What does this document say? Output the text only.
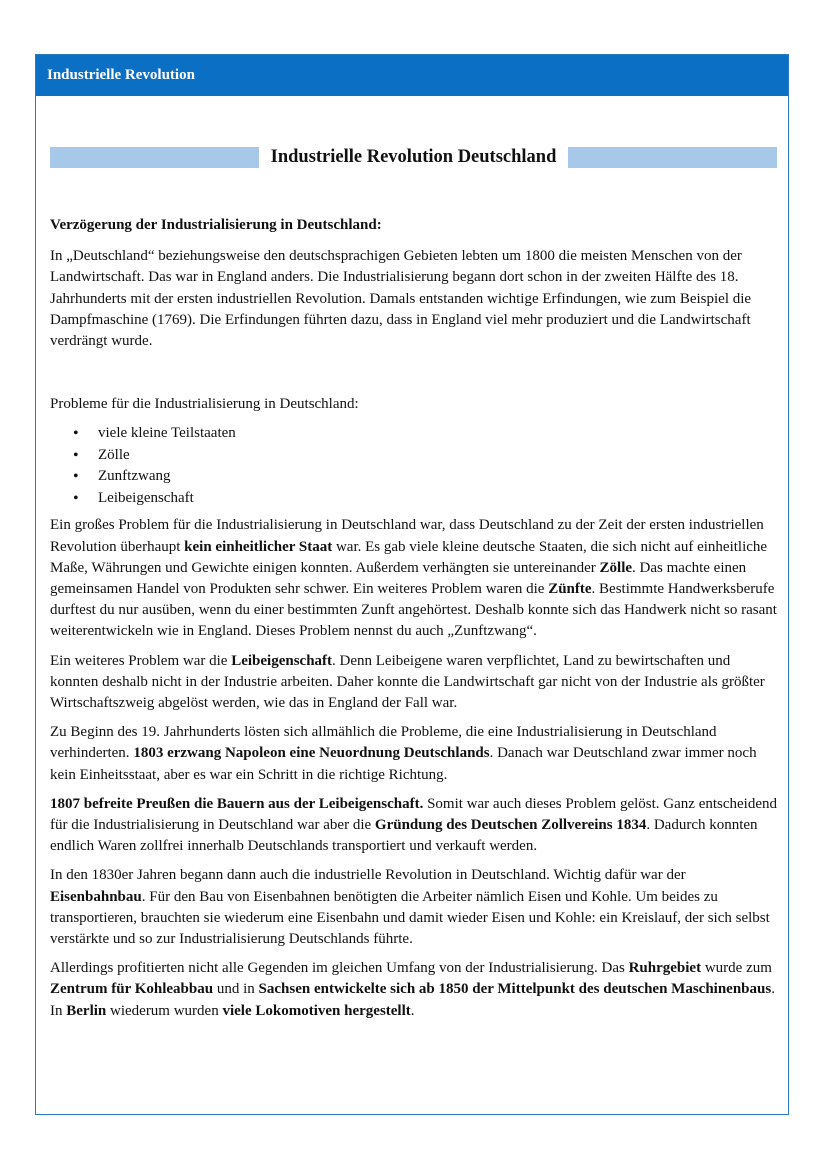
Industrielle Revolution
Industrielle Revolution Deutschland

Verzögerung der Industrialisierung in Deutschland:

In „Deutschland“ beziehungsweise den deutschsprachigen Gebieten lebten um 1800 die meisten Menschen von der Landwirtschaft. Das war in England anders. Die Industrialisierung begann dort schon in der zweiten Hälfte des 18. Jahrhunderts mit der ersten industriellen Revolution. Damals entstanden wichtige Erfindungen, wie zum Beispiel die Dampfmaschine (1769). Die Erfindungen führten dazu, dass in England viel mehr produziert und die Landwirtschaft verdrängt wurde.

Probleme für die Industrialisierung in Deutschland:

• viele kleine Teilstaaten
• Zölle
• Zunftzwang
• Leibeigenschaft

Ein großes Problem für die Industrialisierung in Deutschland war, dass Deutschland zu der Zeit der ersten industriellen Revolution überhaupt kein einheitlicher Staat war. Es gab viele kleine deutsche Staaten, die sich nicht auf einheitliche Maße, Währungen und Gewichte einigen konnten. Außerdem verhängten sie untereinander Zölle. Das machte einen gemeinsamen Handel von Produkten sehr schwer. Ein weiteres Problem waren die Zünfte. Bestimmte Handwerksberufe durftest du nur ausüben, wenn du einer bestimmten Zunft angehörtest. Deshalb konnte sich das Handwerk nicht so rasant weiterentwickeln wie in England. Dieses Problem nennst du auch „Zunftzwang“.

Ein weiteres Problem war die Leibeigenschaft. Denn Leibeigene waren verpflichtet, Land zu bewirtschaften und konnten deshalb nicht in der Industrie arbeiten. Daher konnte die Landwirtschaft gar nicht von der Industrie als größter Wirtschaftszweig abgelöst werden, wie das in England der Fall war.

Zu Beginn des 19. Jahrhunderts lösten sich allmählich die Probleme, die eine Industrialisierung in Deutschland verhinderten. 1803 erzwang Napoleon eine Neuordnung Deutschlands. Danach war Deutschland zwar immer noch kein Einheitsstaat, aber es war ein Schritt in die richtige Richtung.

1807 befreite Preußen die Bauern aus der Leibeigenschaft. Somit war auch dieses Problem gelöst. Ganz entscheidend für die Industrialisierung in Deutschland war aber die Gründung des Deutschen Zollvereins 1834. Dadurch konnten endlich Waren zollfrei innerhalb Deutschlands transportiert und verkauft werden.

In den 1830er Jahren begann dann auch die industrielle Revolution in Deutschland. Wichtig dafür war der Eisenbahnbau. Für den Bau von Eisenbahnen benötigten die Arbeiter nämlich Eisen und Kohle. Um beides zu transportieren, brauchten sie wiederum eine Eisenbahn und damit wieder Eisen und Kohle: ein Kreislauf, der sich selbst verstärkte und so zur Industrialisierung Deutschlands führte.

Allerdings profitierten nicht alle Gegenden im gleichen Umfang von der Industrialisierung. Das Ruhrgebiet wurde zum Zentrum für Kohleabbau und in Sachsen entwickelte sich ab 1850 der Mittelpunkt des deutschen Maschinenbaus. In Berlin wiederum wurden viele Lokomotiven hergestellt.
